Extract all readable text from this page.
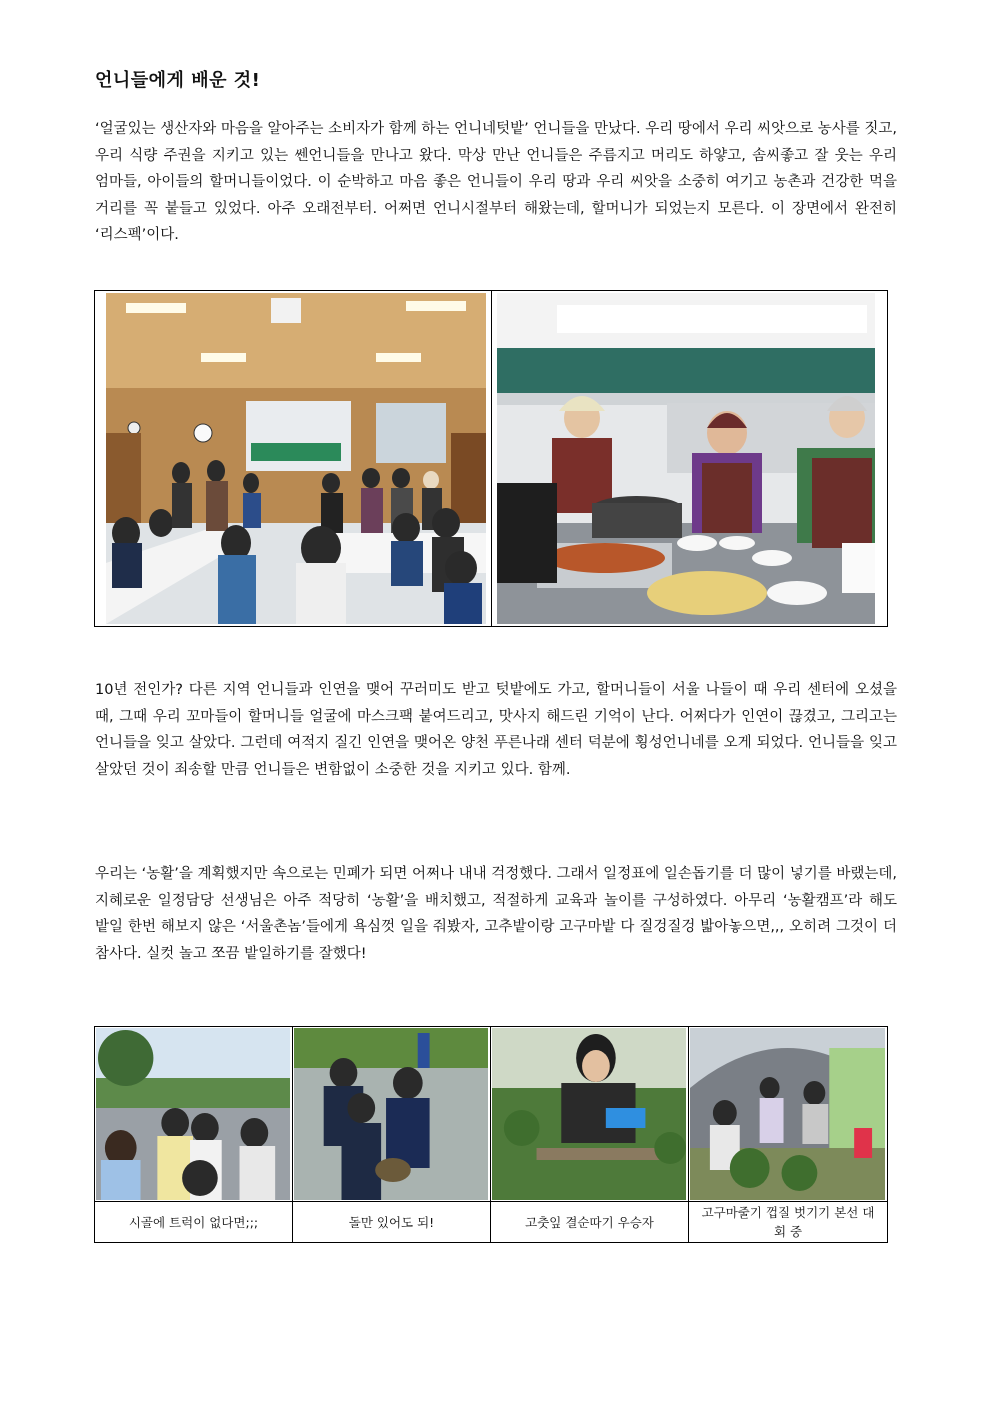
언니들에게 배운 것!
‘얼굴있는 생산자와 마음을 알아주는 소비자가 함께 하는 언니네텃밭’ 언니들을 만났다. 우리 땅에서 우리 씨앗으로 농사를 짓고, 우리 식량 주권을 지키고 있는 쎈언니들을 만나고 왔다. 막상 만난 언니들은 주름지고 머리도 하얗고, 솜씨좋고 잘 웃는 우리 엄마들, 아이들의 할머니들이었다. 이 순박하고 마음 좋은 언니들이 우리 땅과 우리 씨앗을 소중히 여기고 농촌과 건강한 먹을 거리를 꼭 붙들고 있었다. 아주 오래전부터. 어쩌면 언니시절부터 해왔는데, 할머니가 되었는지 모른다. 이 장면에서 완전히 ‘리스펙’이다.
10년 전인가? 다른 지역 언니들과 인연을 맺어 꾸러미도 받고 텃밭에도 가고, 할머니들이 서울 나들이 때 우리 센터에 오셨을 때, 그때 우리 꼬마들이 할머니들 얼굴에 마스크팩 붙여드리고, 맛사지 해드린 기억이 난다. 어쩌다가 인연이 끊겼고, 그리고는 언니들을 잊고 살았다. 그런데 여적지 질긴 인연을 맺어온 양천 푸른나래 센터 덕분에 횡성언니네를 오게 되었다. 언니들을 잊고 살았던 것이 죄송할 만큼 언니들은 변함없이 소중한 것을 지키고 있다. 함께.
우리는 ‘농활’을 계획했지만 속으로는 민폐가 되면 어쩌나 내내 걱정했다. 그래서 일정표에 일손돕기를 더 많이 넣기를 바랬는데, 지혜로운 일정담당 선생님은 아주 적당히 ‘농활’을 배치했고, 적절하게 교육과 놀이를 구성하였다. 아무리 ‘농활캠프’라 해도 밭일 한번 해보지 않은 ‘서울촌놈’들에게 욕심껏 일을 줘봤자, 고추밭이랑 고구마밭 다 질겅질겅 밟아놓으면,,, 오히려 그것이 더 참사다. 실컷 놀고 쪼끔 밭일하기를 잘했다!
시골에 트럭이 없다면;;;	돌만 있어도 되!	고춧잎 결순따기 우승자
고구마줄기 껍질 벗기기 본선 대회 중
